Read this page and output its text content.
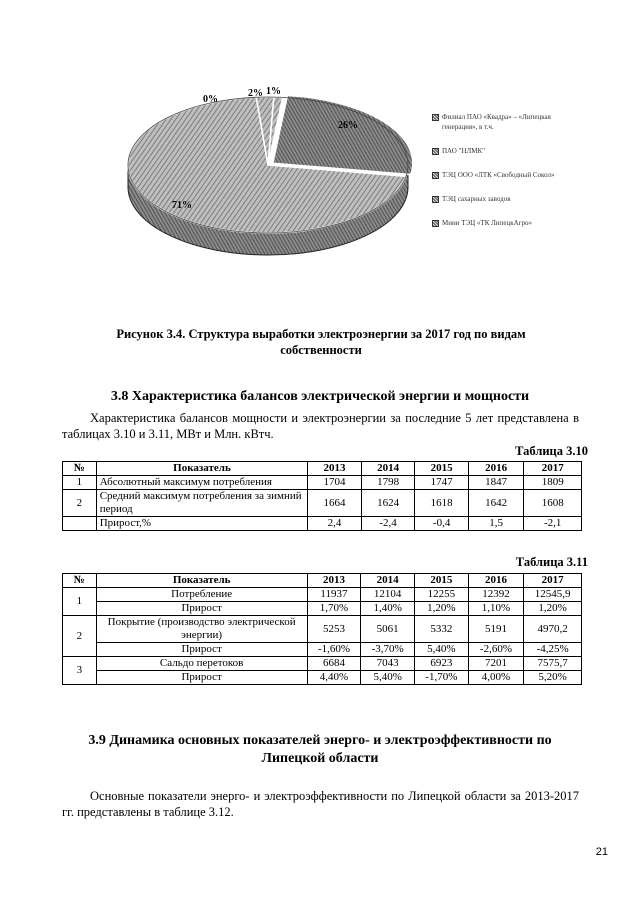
0%
2% 1%
26%
71%
Филиал ПАО «Квадра» – «Липецкая генерация», в т.ч.
ПАО "НЛМК"
ТЭЦ ООО «ЛТК «Свободный Сокол»
ТЭЦ сахарных заводов
Мини ТЭЦ «ТК ЛипецкАгро»
Рисунок 3.4. Структура выработки электроэнергии за 2017 год по видам
собственности
3.8 Характеристика балансов электрической энергии и мощности
Характеристика балансов мощности и электроэнергии за последние 5 лет представлена в таблицах 3.10 и 3.11, МВт и Млн. кВтч.
Таблица 3.10
№	Показатель	2013	2014	2015	2016	2017
1	Абсолютный максимум потребления	1704	1798	1747	1847	1809
2	Средний максимум потребления за зимний период	1664	1624	1618	1642	1608
	Прирост,%	2,4	-2,4	-0,4	1,5	-2,1
Таблица 3.11
№	Показатель	2013	2014	2015	2016	2017
1	Потребление	11937	12104	12255	12392	12545,9
	Прирост	1,70%	1,40%	1,20%	1,10%	1,20%
2	Покрытие (производство электрической энергии)	5253	5061	5332	5191	4970,2
	Прирост	-1,60%	-3,70%	5,40%	-2,60%	-4,25%
3	Сальдо перетоков	6684	7043	6923	7201	7575,7
	Прирост	4,40%	5,40%	-1,70%	4,00%	5,20%
3.9 Динамика основных показателей энерго- и электроэффективности по
Липецкой области
Основные показатели энерго- и электроэффективности по Липецкой области за 2013-2017 гг. представлены в таблице 3.12.
21
